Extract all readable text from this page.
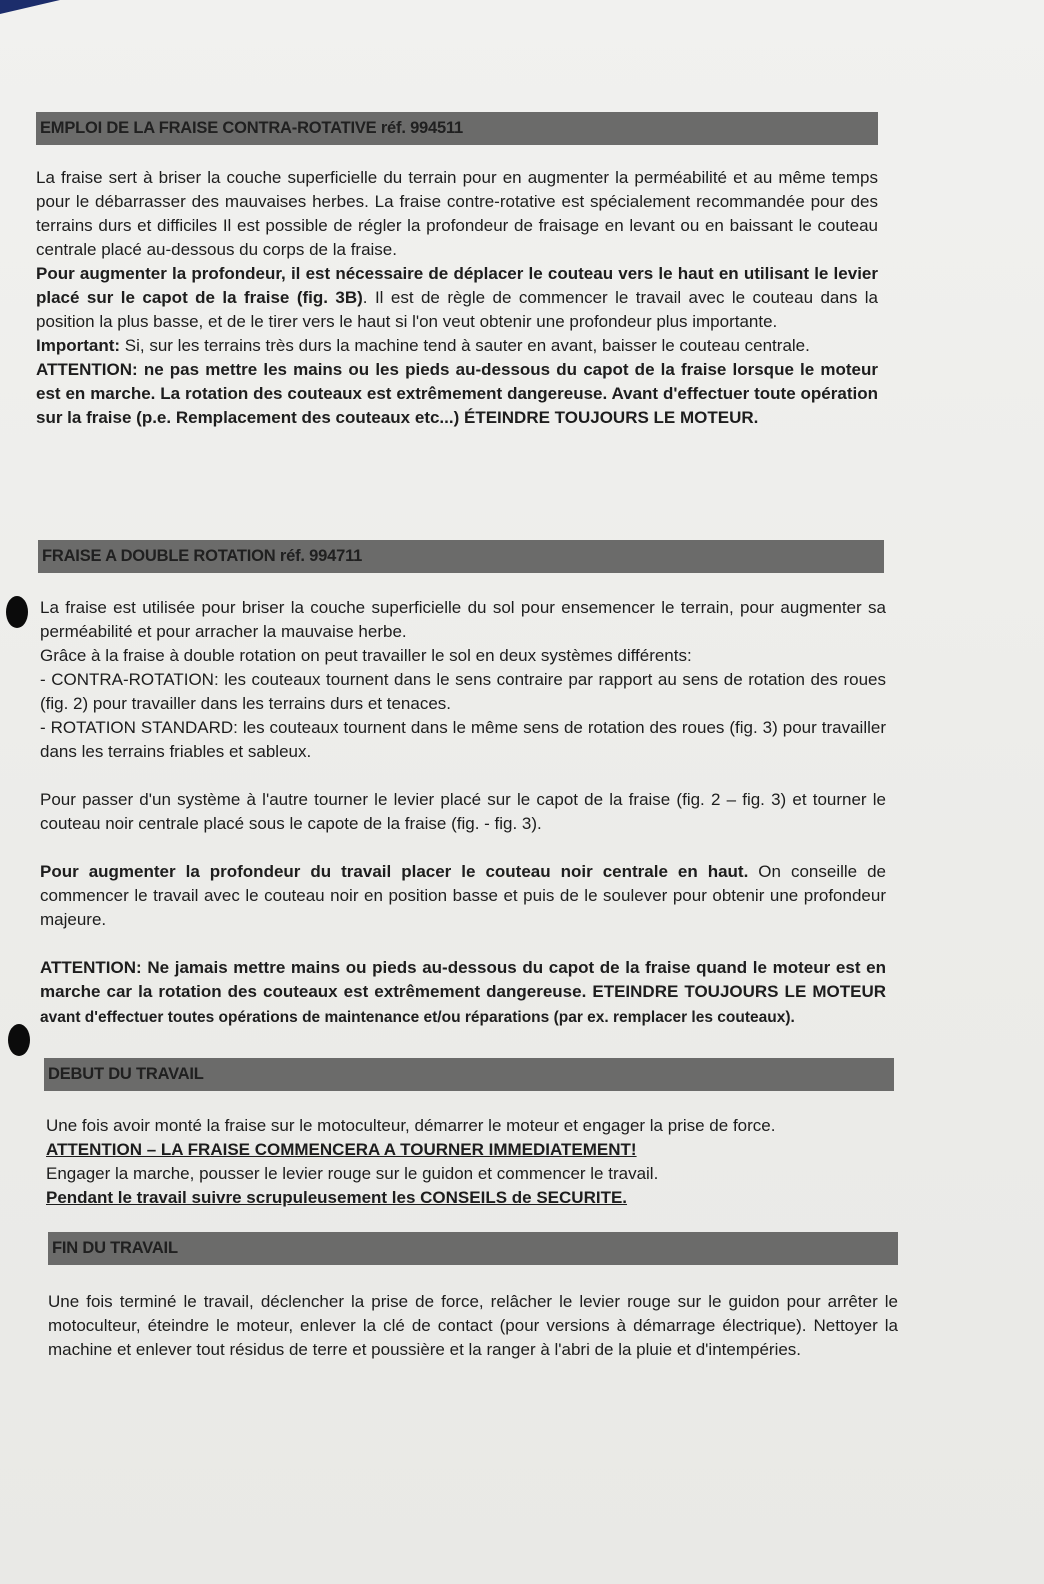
EMPLOI DE LA FRAISE CONTRA-ROTATIVE réf. 994511

La fraise sert à briser la couche superficielle du terrain pour en augmenter la perméabilité et au même temps pour le débarrasser des mauvaises herbes. La fraise contre-rotative est spécialement recommandée pour des terrains durs et difficiles Il est possible de régler la profondeur de fraisage en levant ou en baissant le couteau centrale placé au-dessous du corps de la fraise.

Pour augmenter la profondeur, il est nécessaire de déplacer le couteau vers le haut en utilisant le levier placé sur le capot de la fraise (fig. 3B). Il est de règle de commencer le travail avec le couteau dans la position la plus basse, et de le tirer vers le haut si l'on veut obtenir une profondeur plus importante.

Important: Si, sur les terrains très durs la machine tend à sauter en avant, baisser le couteau centrale.

ATTENTION: ne pas mettre les mains ou les pieds au-dessous du capot de la fraise lorsque le moteur est en marche. La rotation des couteaux est extrêmement dangereuse. Avant d'effectuer toute opération sur la fraise (p.e. Remplacement des couteaux etc...) ÉTEINDRE TOUJOURS LE MOTEUR.

FRAISE A DOUBLE ROTATION réf. 994711

La fraise est utilisée pour briser la couche superficielle du sol pour ensemencer le terrain, pour augmenter sa perméabilité et pour arracher la mauvaise herbe.

Grâce à la fraise à double rotation on peut travailler le sol en deux systèmes différents:

- CONTRA-ROTATION: les couteaux tournent dans le sens contraire par rapport au sens de rotation des roues (fig. 2) pour travailler dans les terrains durs et tenaces.

- ROTATION STANDARD: les couteaux tournent dans le même sens de rotation des roues (fig. 3) pour travailler dans les terrains friables et sableux.

Pour passer d'un système à l'autre tourner le levier placé sur le capot de la fraise (fig. 2 – fig. 3) et tourner le couteau noir centrale placé sous le capote de la fraise (fig. - fig. 3).

Pour augmenter la profondeur du travail placer le couteau noir centrale en haut. On conseille de commencer le travail avec le couteau noir en position basse et puis de le soulever pour obtenir une profondeur majeure.

ATTENTION: Ne jamais mettre mains ou pieds au-dessous du capot de la fraise quand le moteur est en marche car la rotation des couteaux est extrêmement dangereuse. ETEINDRE TOUJOURS LE MOTEUR avant d'effectuer toutes opérations de maintenance et/ou réparations (par ex. remplacer les couteaux).

DEBUT DU TRAVAIL

Une fois avoir monté la fraise sur le motoculteur, démarrer le moteur et engager la prise de force.

ATTENTION – LA FRAISE COMMENCERA A TOURNER IMMEDIATEMENT!

Engager la marche, pousser le levier rouge sur le guidon et commencer le travail.

Pendant le travail suivre scrupuleusement les CONSEILS de SECURITE.

FIN DU TRAVAIL

Une fois terminé le travail, déclencher la prise de force, relâcher le levier rouge sur le guidon pour arrêter le motoculteur, éteindre le moteur, enlever la clé de contact (pour versions à démarrage électrique). Nettoyer la machine et enlever tout résidus de terre et poussière et la ranger à l'abri de la pluie et d'intempéries.
